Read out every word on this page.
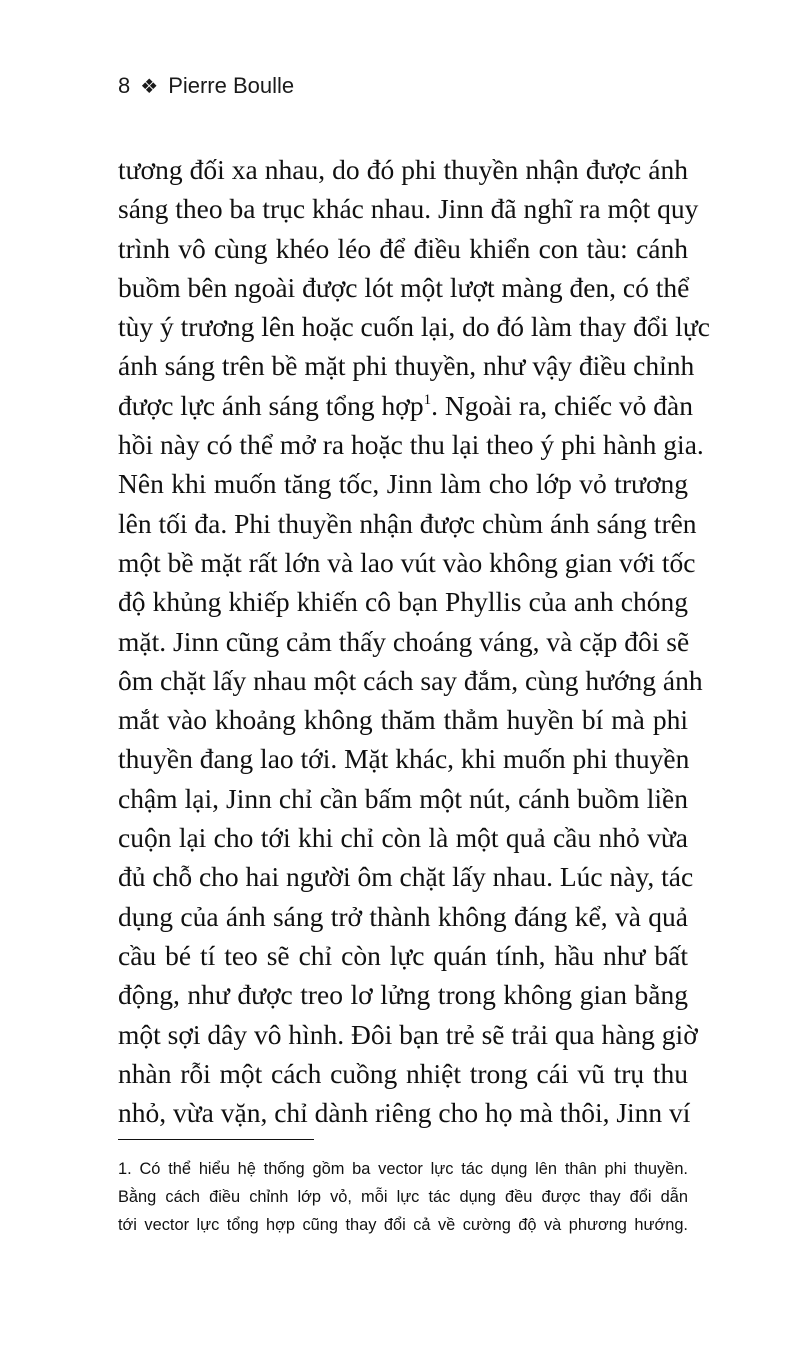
8 ❖ Pierre Boulle
tương đối xa nhau, do đó phi thuyền nhận được ánh
sáng theo ba trục khác nhau. Jinn đã nghĩ ra một quy
trình vô cùng khéo léo để điều khiển con tàu: cánh
buồm bên ngoài được lót một lượt màng đen, có thể
tùy ý trương lên hoặc cuốn lại, do đó làm thay đổi lực
ánh sáng trên bề mặt phi thuyền, như vậy điều chỉnh
được lực ánh sáng tổng hợp$^1$. Ngoài ra, chiếc vỏ đàn
hồi này có thể mở ra hoặc thu lại theo ý phi hành gia.
Nên khi muốn tăng tốc, Jinn làm cho lớp vỏ trương
lên tối đa. Phi thuyền nhận được chùm ánh sáng trên
một bề mặt rất lớn và lao vút vào không gian với tốc
độ khủng khiếp khiến cô bạn Phyllis của anh chóng
mặt. Jinn cũng cảm thấy choáng váng, và cặp đôi sẽ
ôm chặt lấy nhau một cách say đắm, cùng hướng ánh
mắt vào khoảng không thăm thẳm huyền bí mà phi
thuyền đang lao tới. Mặt khác, khi muốn phi thuyền
chậm lại, Jinn chỉ cần bấm một nút, cánh buồm liền
cuộn lại cho tới khi chỉ còn là một quả cầu nhỏ vừa
đủ chỗ cho hai người ôm chặt lấy nhau. Lúc này, tác
dụng của ánh sáng trở thành không đáng kể, và quả
cầu bé tí teo sẽ chỉ còn lực quán tính, hầu như bất
động, như được treo lơ lửng trong không gian bằng
một sợi dây vô hình. Đôi bạn trẻ sẽ trải qua hàng giờ
nhàn rỗi một cách cuồng nhiệt trong cái vũ trụ thu
nhỏ, vừa vặn, chỉ dành riêng cho họ mà thôi, Jinn ví
1. Có thể hiểu hệ thống gồm ba vector lực tác dụng lên thân phi thuyền.
Bằng cách điều chỉnh lớp vỏ, mỗi lực tác dụng đều được thay đổi dẫn
tới vector lực tổng hợp cũng thay đổi cả về cường độ và phương hướng.
